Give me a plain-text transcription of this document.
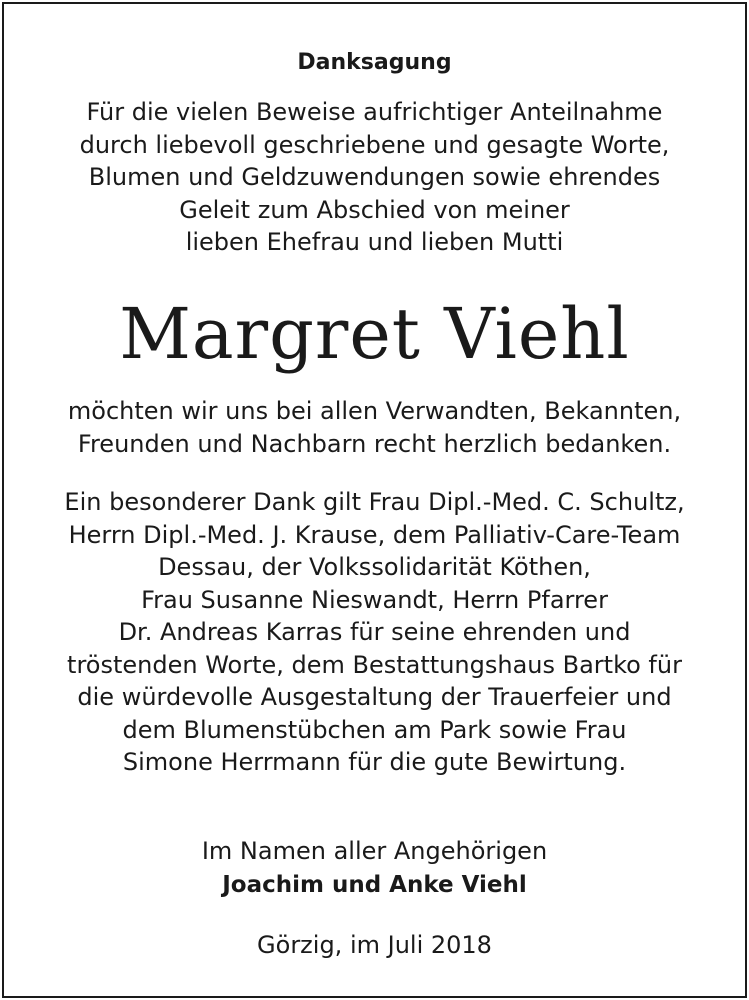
Danksagung
Für die vielen Beweise aufrichtiger Anteilnahme
durch liebevoll geschriebene und gesagte Worte,
Blumen und Geldzuwendungen sowie ehrendes
Geleit zum Abschied von meiner
lieben Ehefrau und lieben Mutti
Margret Viehl
möchten wir uns bei allen Verwandten, Bekannten,
Freunden und Nachbarn recht herzlich bedanken.
Ein besonderer Dank gilt Frau Dipl.-Med. C. Schultz,
Herrn Dipl.-Med. J. Krause, dem Palliativ-Care-Team
Dessau, der Volkssolidarität Köthen,
Frau Susanne Nieswandt, Herrn Pfarrer
Dr. Andreas Karras für seine ehrenden und
tröstenden Worte, dem Bestattungshaus Bartko für
die würdevolle Ausgestaltung der Trauerfeier und
dem Blumenstübchen am Park sowie Frau
Simone Herrmann für die gute Bewirtung.
Im Namen aller Angehörigen
Joachim und Anke Viehl
Görzig, im Juli 2018
